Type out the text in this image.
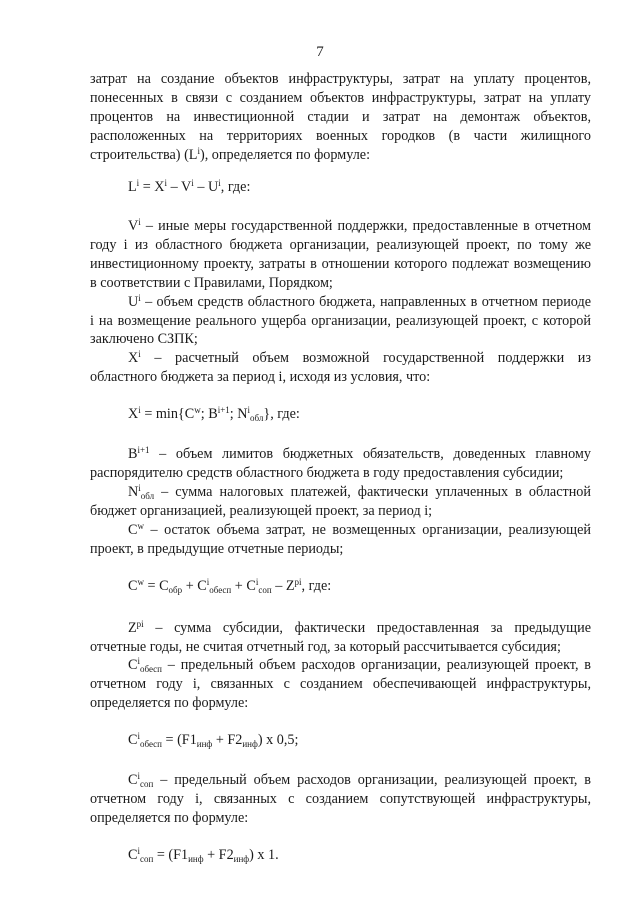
7

затрат на создание объектов инфраструктуры, затрат на уплату процентов, понесенных в связи с созданием объектов инфраструктуры, затрат на уплату процентов на инвестиционной стадии и затрат на демонтаж объектов, расположенных на территориях военных городков (в части жилищного строительства) $(L^i)$, определяется по формуле:

$L^i = X^i - V^i - U^i$, где:

$V^i$ – иные меры государственной поддержки, предоставленные в отчетном году i из областного бюджета организации, реализующей проект, по тому же инвестиционному проекту, затраты в отношении которого подлежат возмещению в соответствии с Правилами, Порядком;

$U^i$ – объем средств областного бюджета, направленных в отчетном периоде i на возмещение реального ущерба организации, реализующей проект, с которой заключено СЗПК;

$X^i$ – расчетный объем возможной государственной поддержки из областного бюджета за период i, исходя из условия, что:

$X^i = \min\{C^w$; $B^{i+1}$; $N^i_{обл}$}, где:

$B^{i+1}$ – объем лимитов бюджетных обязательств, доведенных главному распорядителю средств областного бюджета в году предоставления субсидии;

$N^i_{обл}$ – сумма налоговых платежей, фактически уплаченных в областной бюджет организацией, реализующей проект, за период i;

$C^w$ – остаток объема затрат, не возмещенных организации, реализующей проект, в предыдущие отчетные периоды;

$C^w = C_{обр} + C^i_{обесп} + C^i_{соп} - Z^{pi}$, где:

$Z^{pi}$ – сумма субсидии, фактически предоставленная за предыдущие отчетные годы, не считая отчетный год, за который рассчитывается субсидия;

$C^i_{обесп}$ – предельный объем расходов организации, реализующей проект, в отчетном году i, связанных с созданием обеспечивающей инфраструктуры, определяется по формуле:

$C^i_{обесп} = (F1_{инф} + F2_{инф})$ x 0,5;

$C^i_{соп}$ – предельный объем расходов организации, реализующей проект, в отчетном году i, связанных с созданием сопутствующей инфраструктуры, определяется по формуле:

$C^i_{соп} = (F1_{инф} + F2_{инф})$ x 1.
